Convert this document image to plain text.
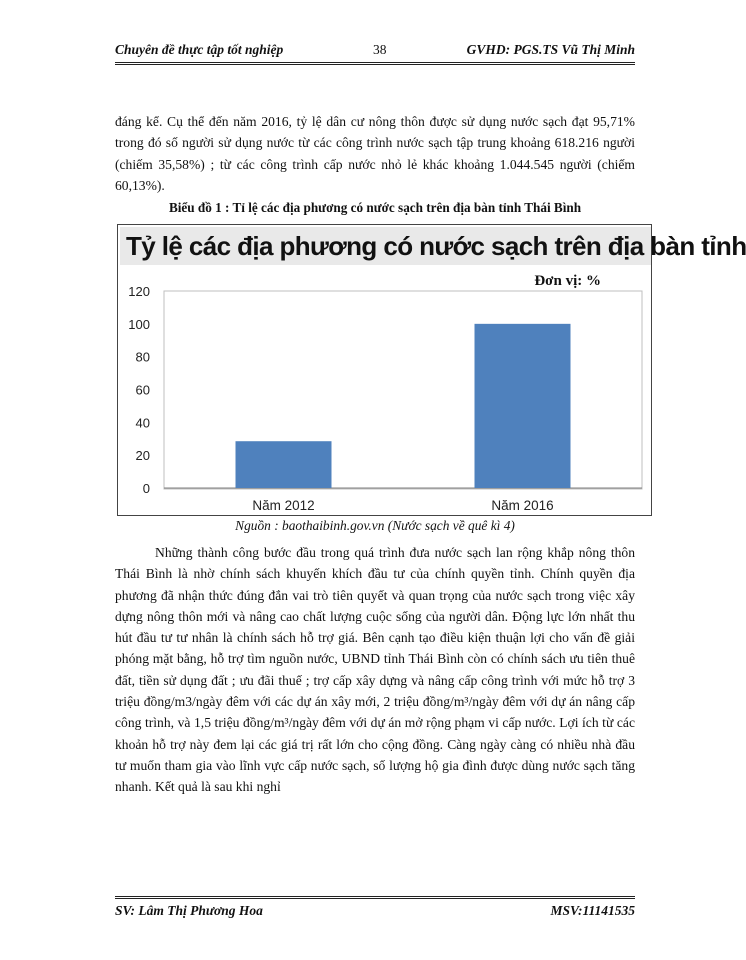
Chuyên đề thực tập tốt nghiệp	38	GVHD: PGS.TS Vũ Thị Minh

đáng kể. Cụ thể đến năm 2016, tỷ lệ dân cư nông thôn được sử dụng nước sạch đạt 95,71% trong đó số người sử dụng nước từ các công trình nước sạch tập trung khoảng 618.216 người (chiếm 35,58%) ; từ các công trình cấp nước nhỏ lẻ khác khoảng 1.044.545 người (chiếm 60,13%).

Biểu đồ 1 : Tỉ lệ các địa phương có nước sạch trên địa bàn tỉnh Thái Bình
Tỷ lệ các địa phương có nước sạch trên địa bàn tỉnh
Đơn vị: %
0
20
40
60
80
100
120
Năm 2012	Năm 2016
Nguồn : baothaibinh.gov.vn (Nước sạch về quê kì 4)

Những thành công bước đầu trong quá trình đưa nước sạch lan rộng khắp nông thôn Thái Bình là nhờ chính sách khuyến khích đầu tư của chính quyền tỉnh. Chính quyền địa phương đã nhận thức đúng đắn vai trò tiên quyết và quan trọng của nước sạch trong việc xây dựng nông thôn mới và nâng cao chất lượng cuộc sống của người dân. Động lực lớn nhất thu hút đầu tư tư nhân là chính sách hỗ trợ giá. Bên cạnh tạo điều kiện thuận lợi cho vấn đề giải phóng mặt bằng, hỗ trợ tìm nguồn nước, UBND tỉnh Thái Bình còn có chính sách ưu tiên thuê đất, tiền sử dụng đất ; ưu đãi thuế ; trợ cấp xây dựng và nâng cấp công trình với mức hỗ trợ 3 triệu đồng/m3/ngày đêm với các dự án xây mới, 2 triệu đồng/m³/ngày đêm với dự án nâng cấp công trình, và 1,5 triệu đồng/m³/ngày đêm với dự án mở rộng phạm vi cấp nước. Lợi ích từ các khoản hỗ trợ này đem lại các giá trị rất lớn cho cộng đồng. Càng ngày càng có nhiều nhà đầu tư muốn tham gia vào lĩnh vực cấp nước sạch, số lượng hộ gia đình được dùng nước sạch tăng nhanh. Kết quả là sau khi nghỉ

SV: Lâm Thị Phương Hoa	MSV:11141535
